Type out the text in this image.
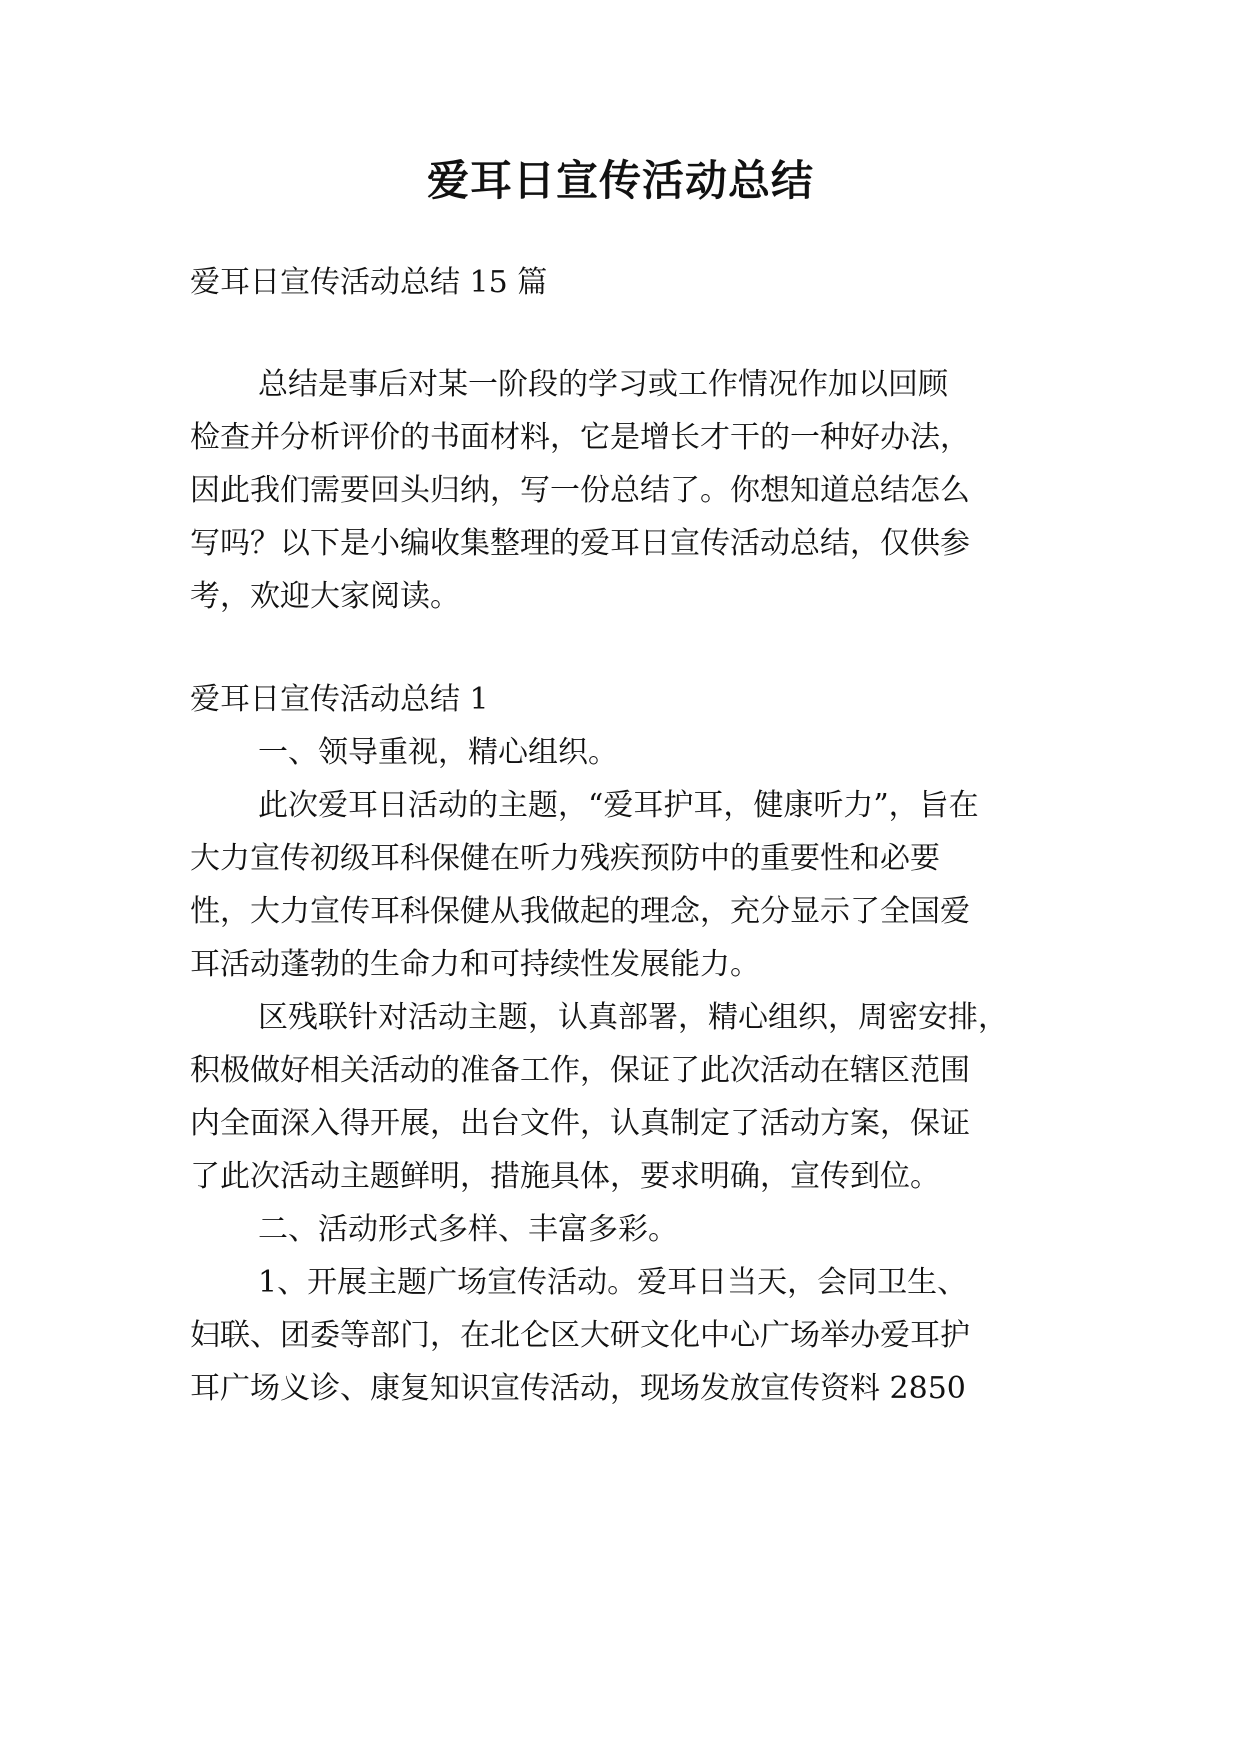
爱耳日宣传活动总结

爱耳日宣传活动总结 15 篇

总结是事后对某一阶段的学习或工作情况作加以回顾

检查并分析评价的书面材料，它是增长才干的一种好办法，

因此我们需要回头归纳，写一份总结了。你想知道总结怎么

写吗？以下是小编收集整理的爱耳日宣传活动总结，仅供参

考，欢迎大家阅读。

爱耳日宣传活动总结 1

一、领导重视，精心组织。

此次爱耳日活动的主题，“爱耳护耳，健康听力”，旨在

大力宣传初级耳科保健在听力残疾预防中的重要性和必要

性，大力宣传耳科保健从我做起的理念，充分显示了全国爱

耳活动蓬勃的生命力和可持续性发展能力。

区残联针对活动主题，认真部署，精心组织，周密安排，

积极做好相关活动的准备工作，保证了此次活动在辖区范围

内全面深入得开展，出台文件，认真制定了活动方案，保证

了此次活动主题鲜明，措施具体，要求明确，宣传到位。

二、活动形式多样、丰富多彩。

1、开展主题广场宣传活动。爱耳日当天，会同卫生、

妇联、团委等部门，在北仑区大研文化中心广场举办爱耳护

耳广场义诊、康复知识宣传活动，现场发放宣传资料 2850
